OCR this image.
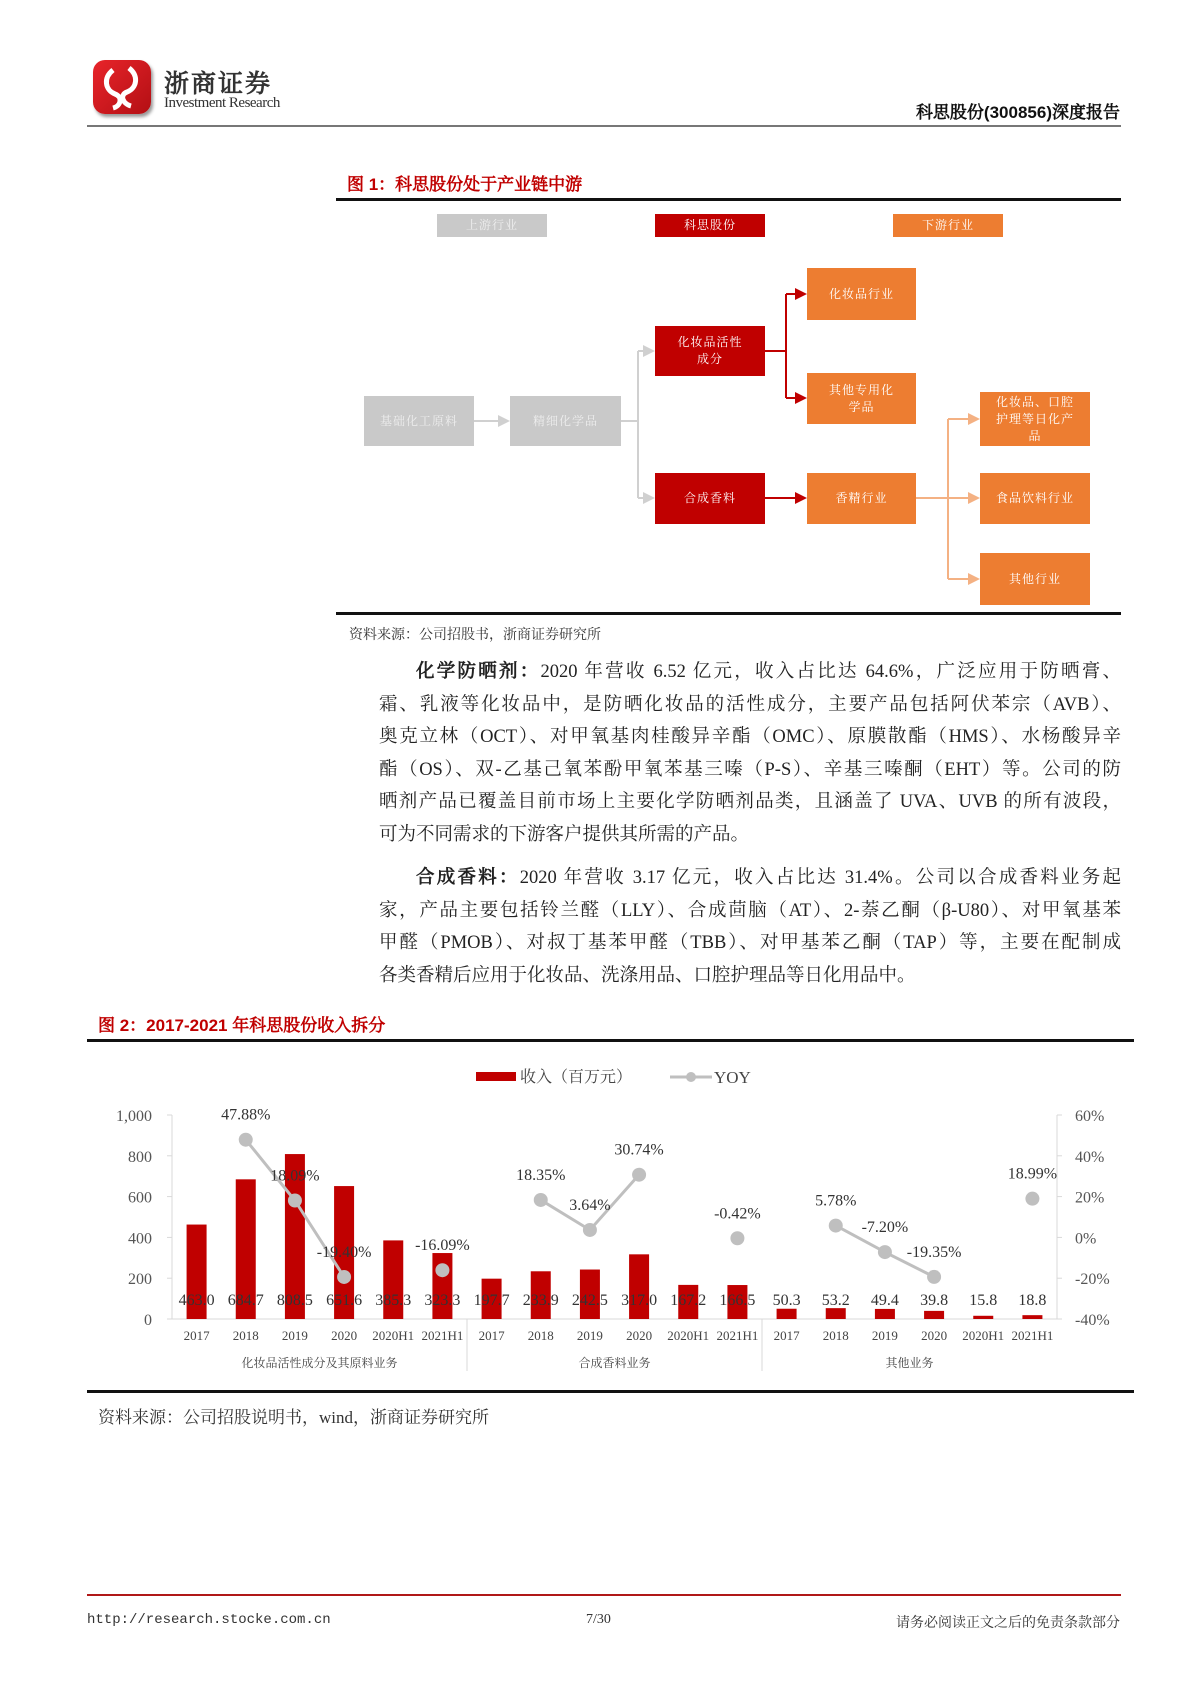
浙商证券
Investment Research	科思股份(300856)深度报告
图 1：科思股份处于产业链中游
上游行业	科思股份	下游行业
基础化工原料	精细化学品
化妆品活性成分
合成香料
化妆品行业
其他专用化学品
香精行业
化妆品、口腔护理等日化产品
食品饮料行业
其他行业
资料来源：公司招股书，浙商证券研究所
化学防晒剂：2020 年营收 6.52 亿元，收入占比达 64.6%，广泛应用于防晒膏、
霜、乳液等化妆品中，是防晒化妆品的活性成分，主要产品包括阿伏苯宗（AVB）、
奥克立林（OCT）、对甲氧基肉桂酸异辛酯（OMC）、原膜散酯（HMS）、水杨酸异辛
酯（OS）、双-乙基己氧苯酚甲氧苯基三嗪（P-S）、辛基三嗪酮（EHT）等。公司的防
晒剂产品已覆盖目前市场上主要化学防晒剂品类，且涵盖了 UVA、UVB 的所有波段，
可为不同需求的下游客户提供其所需的产品。
合成香料：2020 年营收 3.17 亿元，收入占比达 31.4%。公司以合成香料业务起
家，产品主要包括铃兰醛（LLY）、合成茴脑（AT）、2-萘乙酮（β-U80）、对甲氧基苯
甲醛（PMOB）、对叔丁基苯甲醛（TBB）、对甲基苯乙酮（TAP）等，主要在配制成
各类香精后应用于化妆品、洗涤用品、口腔护理品等日化用品中。
图 2：2017-2021 年科思股份收入拆分
0
200
400
600
800
1,000
-40%
-20%
0%
20%
40%
60%
化妆品活性成分及其原料业务	合成香料业务	其他业务
463.0
2017
684.7
2018
808.5
2019
651.6
2020
385.3
2020H1
323.3
2021H1
197.7
2017
233.9
2018
242.5
2019
317.0
2020
167.2
2020H1
166.5
2021H1
50.3
2017
53.2
2018
49.4
2019
39.8
2020
15.8
2020H1
18.8
2021H1
47.88%
18.09%
-19.40%	-16.09%
18.35%
3.64%
30.74%
-0.42%
5.78%
-7.20%
-19.35%
18.99%
收入（百万元）	YOY
资料来源：公司招股说明书，wind，浙商证券研究所
http://research.stocke.com.cn	7/30	请务必阅读正文之后的免责条款部分
